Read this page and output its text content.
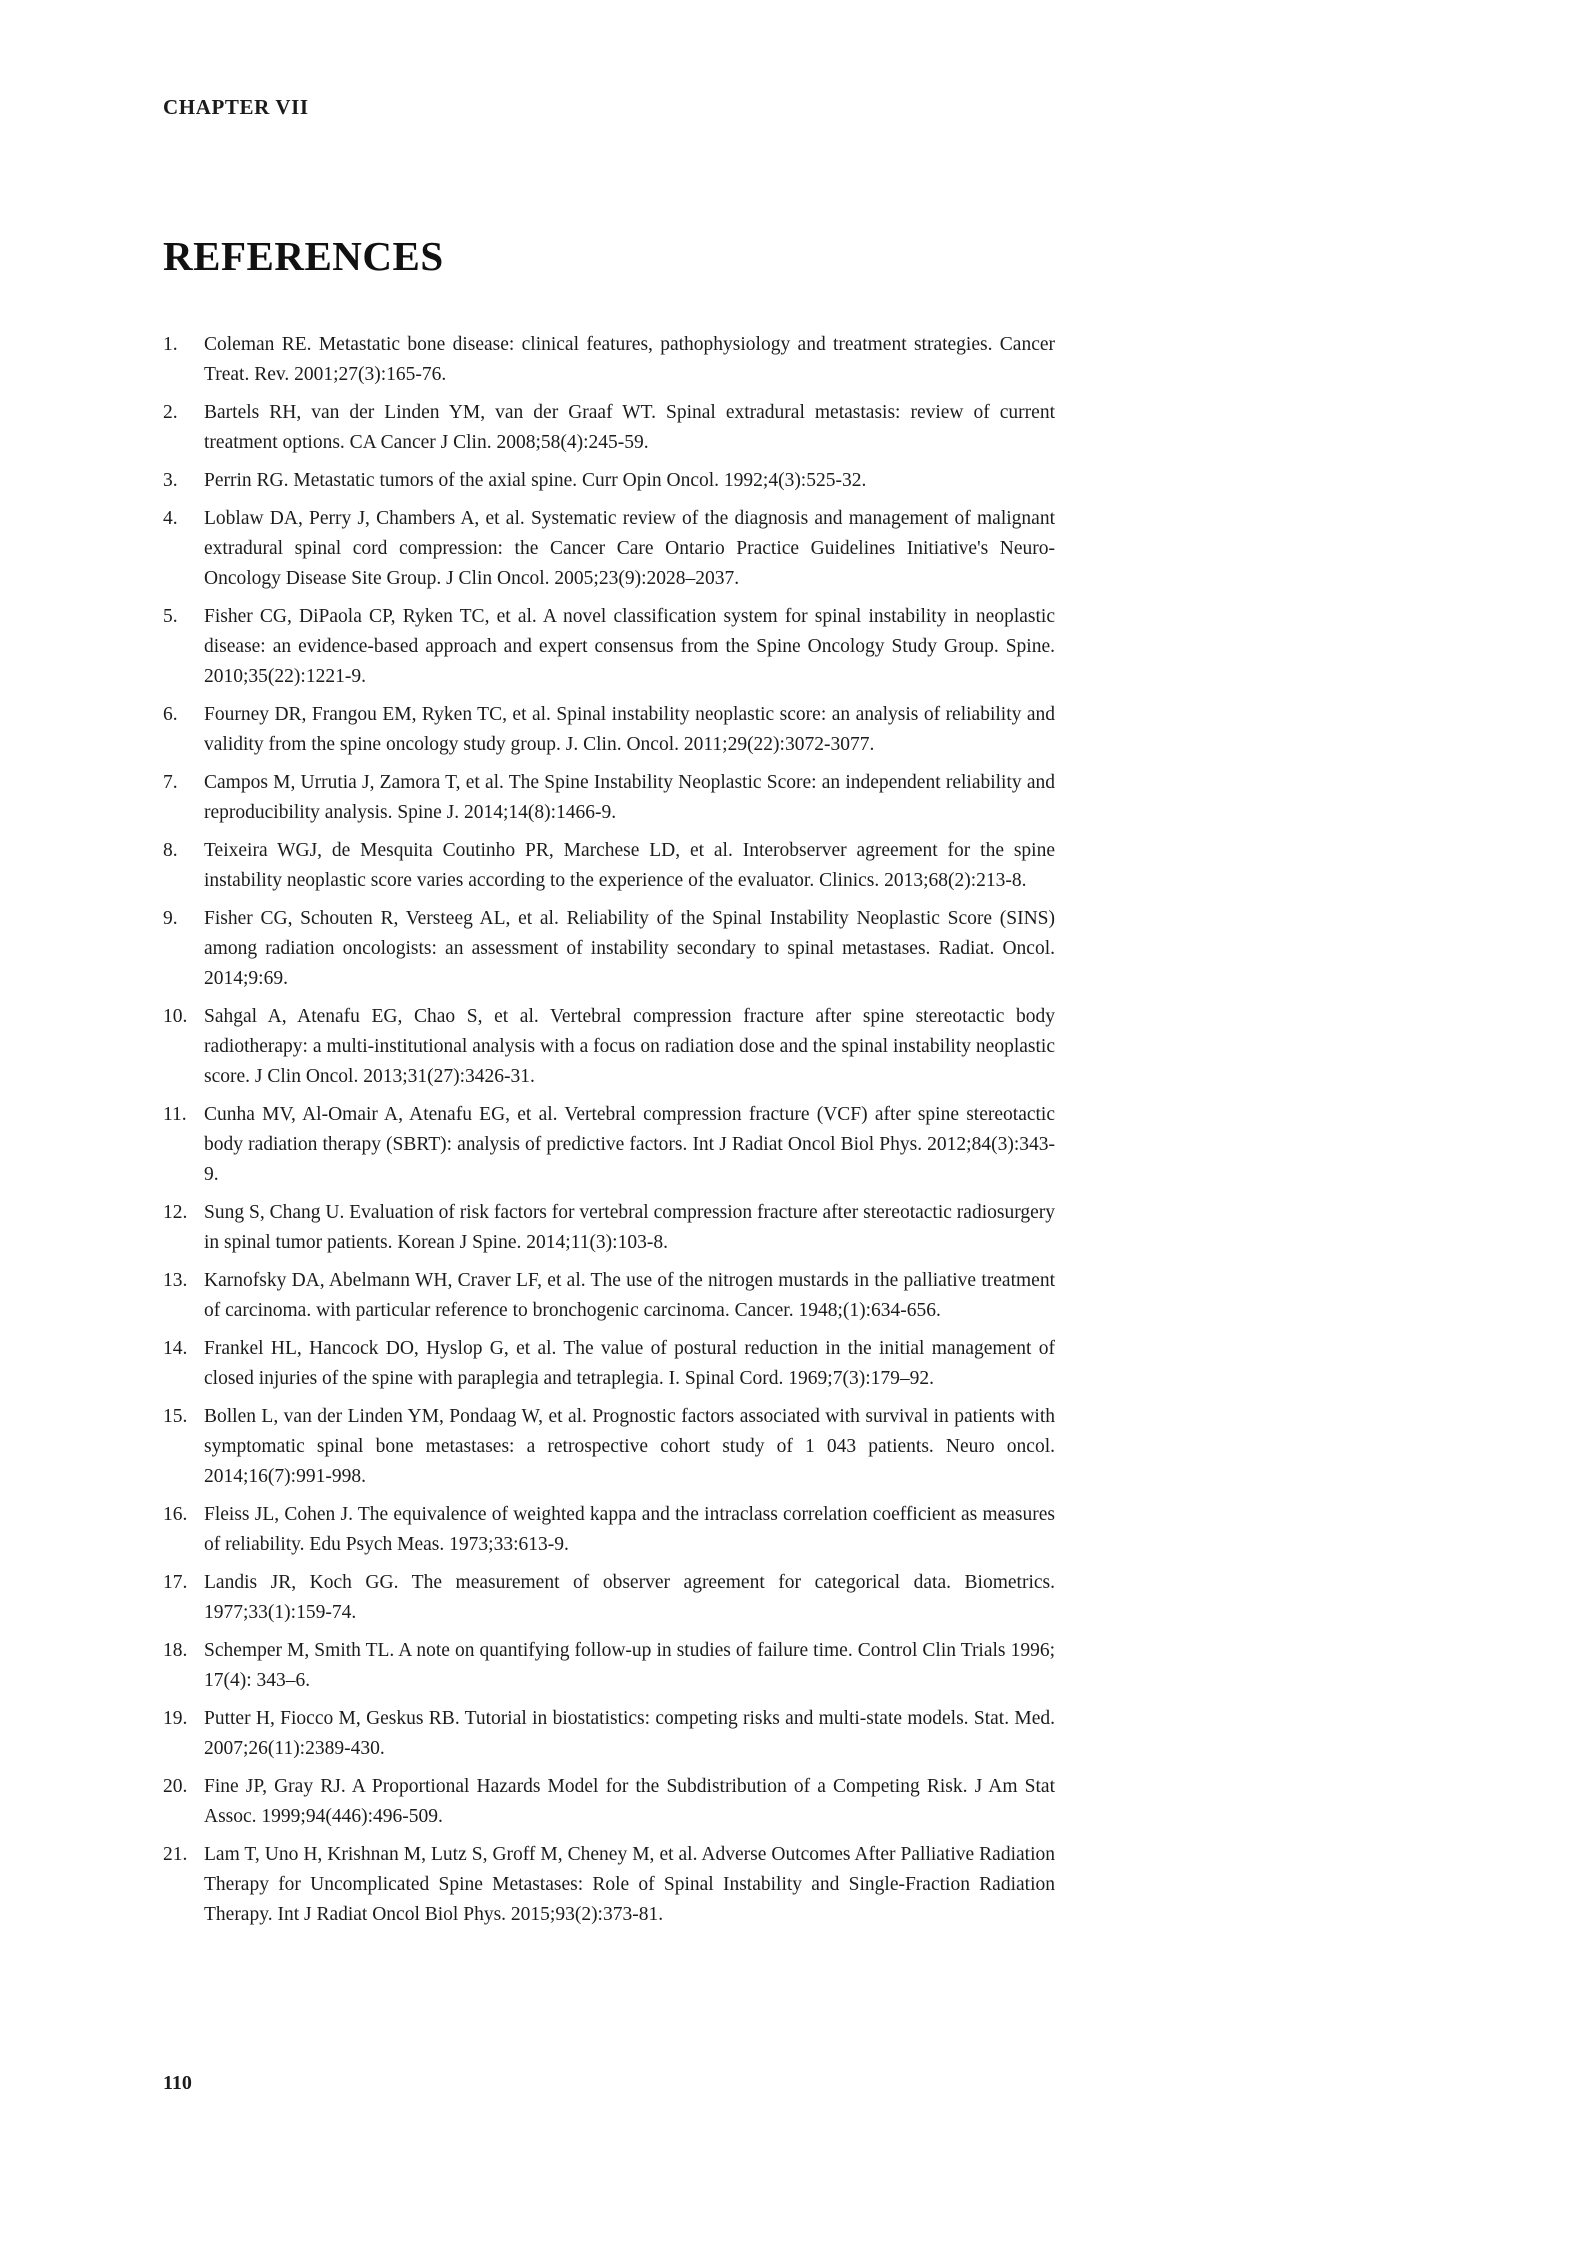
CHAPTER VII
REFERENCES
1.	Coleman RE. Metastatic bone disease: clinical features, pathophysiology and treatment strategies. Cancer Treat. Rev. 2001;27(3):165-76.
2.	Bartels RH, van der Linden YM, van der Graaf WT. Spinal extradural metastasis: review of current treatment options. CA Cancer J Clin. 2008;58(4):245-59.
3.	Perrin RG. Metastatic tumors of the axial spine. Curr Opin Oncol. 1992;4(3):525-32.
4.	Loblaw DA, Perry J, Chambers A, et al. Systematic review of the diagnosis and management of malignant extradural spinal cord compression: the Cancer Care Ontario Practice Guidelines Initiative's Neuro-Oncology Disease Site Group. J Clin Oncol. 2005;23(9):2028–2037.
5.	Fisher CG, DiPaola CP, Ryken TC, et al. A novel classification system for spinal instability in neoplastic disease: an evidence-based approach and expert consensus from the Spine Oncology Study Group. Spine. 2010;35(22):1221-9.
6.	Fourney DR, Frangou EM, Ryken TC, et al. Spinal instability neoplastic score: an analysis of reliability and validity from the spine oncology study group. J. Clin. Oncol. 2011;29(22):3072-3077.
7.	Campos M, Urrutia J, Zamora T, et al. The Spine Instability Neoplastic Score: an independent reliability and reproducibility analysis. Spine J. 2014;14(8):1466-9.
8.	Teixeira WGJ, de Mesquita Coutinho PR, Marchese LD, et al. Interobserver agreement for the spine instability neoplastic score varies according to the experience of the evaluator. Clinics. 2013;68(2):213-8.
9.	Fisher CG, Schouten R, Versteeg AL, et al. Reliability of the Spinal Instability Neoplastic Score (SINS) among radiation oncologists: an assessment of instability secondary to spinal metastases. Radiat. Oncol. 2014;9:69.
10. Sahgal A, Atenafu EG, Chao S, et al. Vertebral compression fracture after spine stereotactic body radiotherapy: a multi-institutional analysis with a focus on radiation dose and the spinal instability neoplastic score. J Clin Oncol. 2013;31(27):3426-31.
11. Cunha MV, Al-Omair A, Atenafu EG, et al. Vertebral compression fracture (VCF) after spine stereotactic body radiation therapy (SBRT): analysis of predictive factors. Int J Radiat Oncol Biol Phys. 2012;84(3):343-9.
12. Sung S, Chang U. Evaluation of risk factors for vertebral compression fracture after stereotactic radiosurgery in spinal tumor patients. Korean J Spine. 2014;11(3):103-8.
13. Karnofsky DA, Abelmann WH, Craver LF, et al. The use of the nitrogen mustards in the palliative treatment of carcinoma. with particular reference to bronchogenic carcinoma. Cancer. 1948;(1):634-656.
14. Frankel HL, Hancock DO, Hyslop G, et al. The value of postural reduction in the initial management of closed injuries of the spine with paraplegia and tetraplegia. I. Spinal Cord. 1969;7(3):179–92.
15. Bollen L, van der Linden YM, Pondaag W, et al. Prognostic factors associated with survival in patients with symptomatic spinal bone metastases: a retrospective cohort study of 1 043 patients. Neuro oncol. 2014;16(7):991-998.
16. Fleiss JL, Cohen J. The equivalence of weighted kappa and the intraclass correlation coefficient as measures of reliability. Edu Psych Meas. 1973;33:613-9.
17. Landis JR, Koch GG. The measurement of observer agreement for categorical data. Biometrics. 1977;33(1):159-74.
18. Schemper M, Smith TL. A note on quantifying follow-up in studies of failure time. Control Clin Trials 1996; 17(4): 343–6.
19. Putter H, Fiocco M, Geskus RB. Tutorial in biostatistics: competing risks and multi-state models. Stat. Med. 2007;26(11):2389-430.
20. Fine JP, Gray RJ. A Proportional Hazards Model for the Subdistribution of a Competing Risk. J Am Stat Assoc. 1999;94(446):496-509.
21. Lam T, Uno H, Krishnan M, Lutz S, Groff M, Cheney M, et al. Adverse Outcomes After Palliative Radiation Therapy for Uncomplicated Spine Metastases: Role of Spinal Instability and Single-Fraction Radiation Therapy. Int J Radiat Oncol Biol Phys. 2015;93(2):373-81.
110
